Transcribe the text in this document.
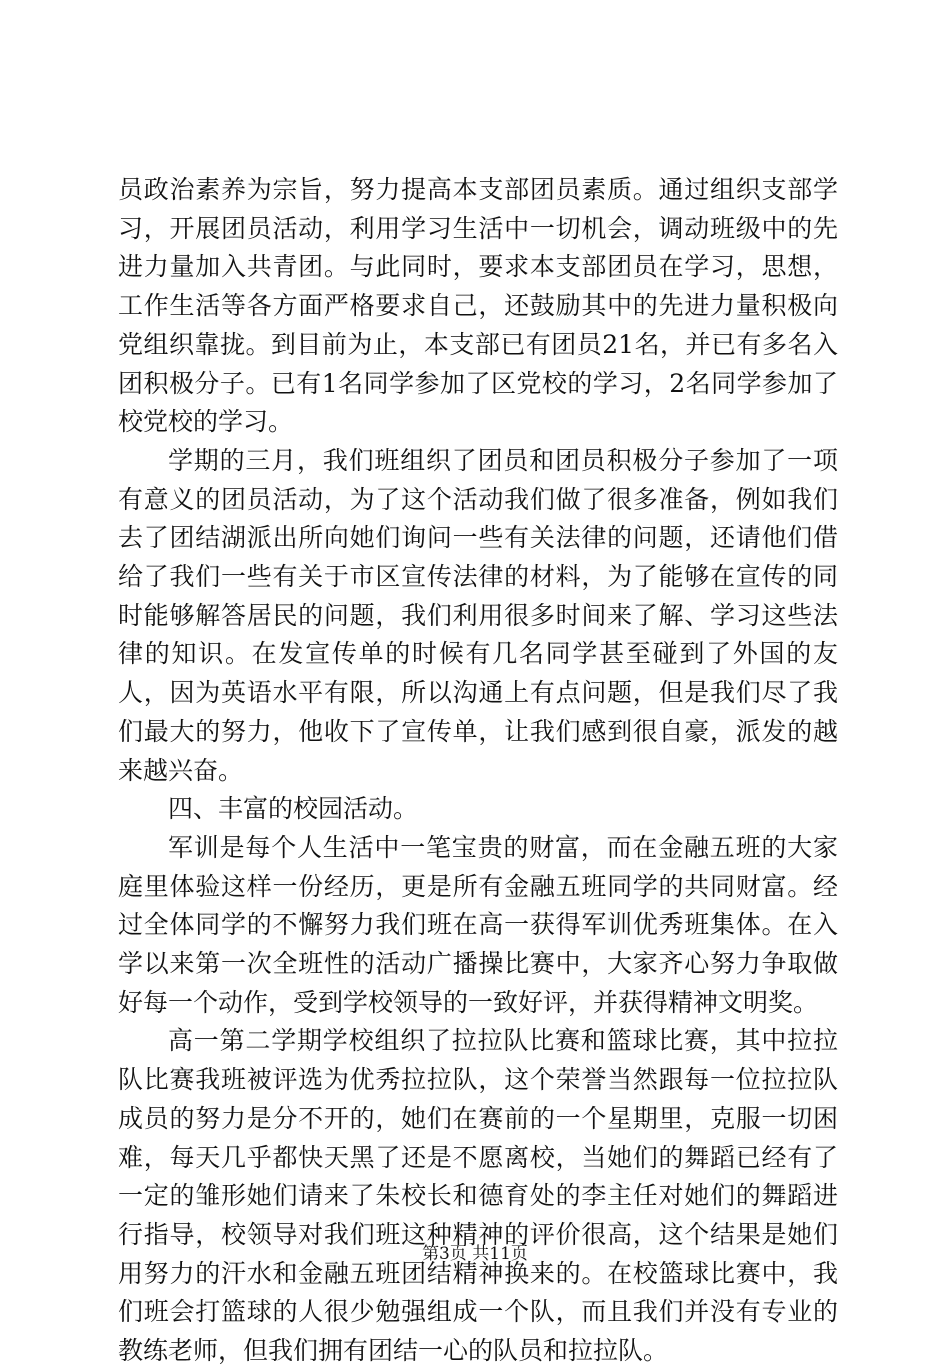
员政治素养为宗旨，努力提高本支部团员素质。通过组织支部学习，开展团员活动，利用学习生活中一切机会，调动班级中的先进力量加入共青团。与此同时，要求本支部团员在学习，思想，工作生活等各方面严格要求自己，还鼓励其中的先进力量积极向党组织靠拢。到目前为止，本支部已有团员21名，并已有多名入团积极分子。已有1名同学参加了区党校的学习，2名同学参加了校党校的学习。

学期的三月，我们班组织了团员和团员积极分子参加了一项有意义的团员活动，为了这个活动我们做了很多准备，例如我们去了团结湖派出所向她们询问一些有关法律的问题，还请他们借给了我们一些有关于市区宣传法律的材料，为了能够在宣传的同时能够解答居民的问题，我们利用很多时间来了解、学习这些法律的知识。在发宣传单的时候有几名同学甚至碰到了外国的友人，因为英语水平有限，所以沟通上有点问题，但是我们尽了我们最大的努力，他收下了宣传单，让我们感到很自豪，派发的越来越兴奋。

四、丰富的校园活动。

军训是每个人生活中一笔宝贵的财富，而在金融五班的大家庭里体验这样一份经历，更是所有金融五班同学的共同财富。经过全体同学的不懈努力我们班在高一获得军训优秀班集体。在入学以来第一次全班性的活动广播操比赛中，大家齐心努力争取做好每一个动作，受到学校领导的一致好评，并获得精神文明奖。

高一第二学期学校组织了拉拉队比赛和篮球比赛，其中拉拉队比赛我班被评选为优秀拉拉队，这个荣誉当然跟每一位拉拉队成员的努力是分不开的，她们在赛前的一个星期里，克服一切困难，每天几乎都快天黑了还是不愿离校，当她们的舞蹈已经有了一定的雏形她们请来了朱校长和德育处的李主任对她们的舞蹈进行指导，校领导对我们班这种精神的评价很高，这个结果是她们用努力的汗水和金融五班团结精神换来的。在校篮球比赛中，我们班会打篮球的人很少勉强组成一个队，而且我们并没有专业的教练老师，但我们拥有团结一心的队员和拉拉队。

第3页 共11页
